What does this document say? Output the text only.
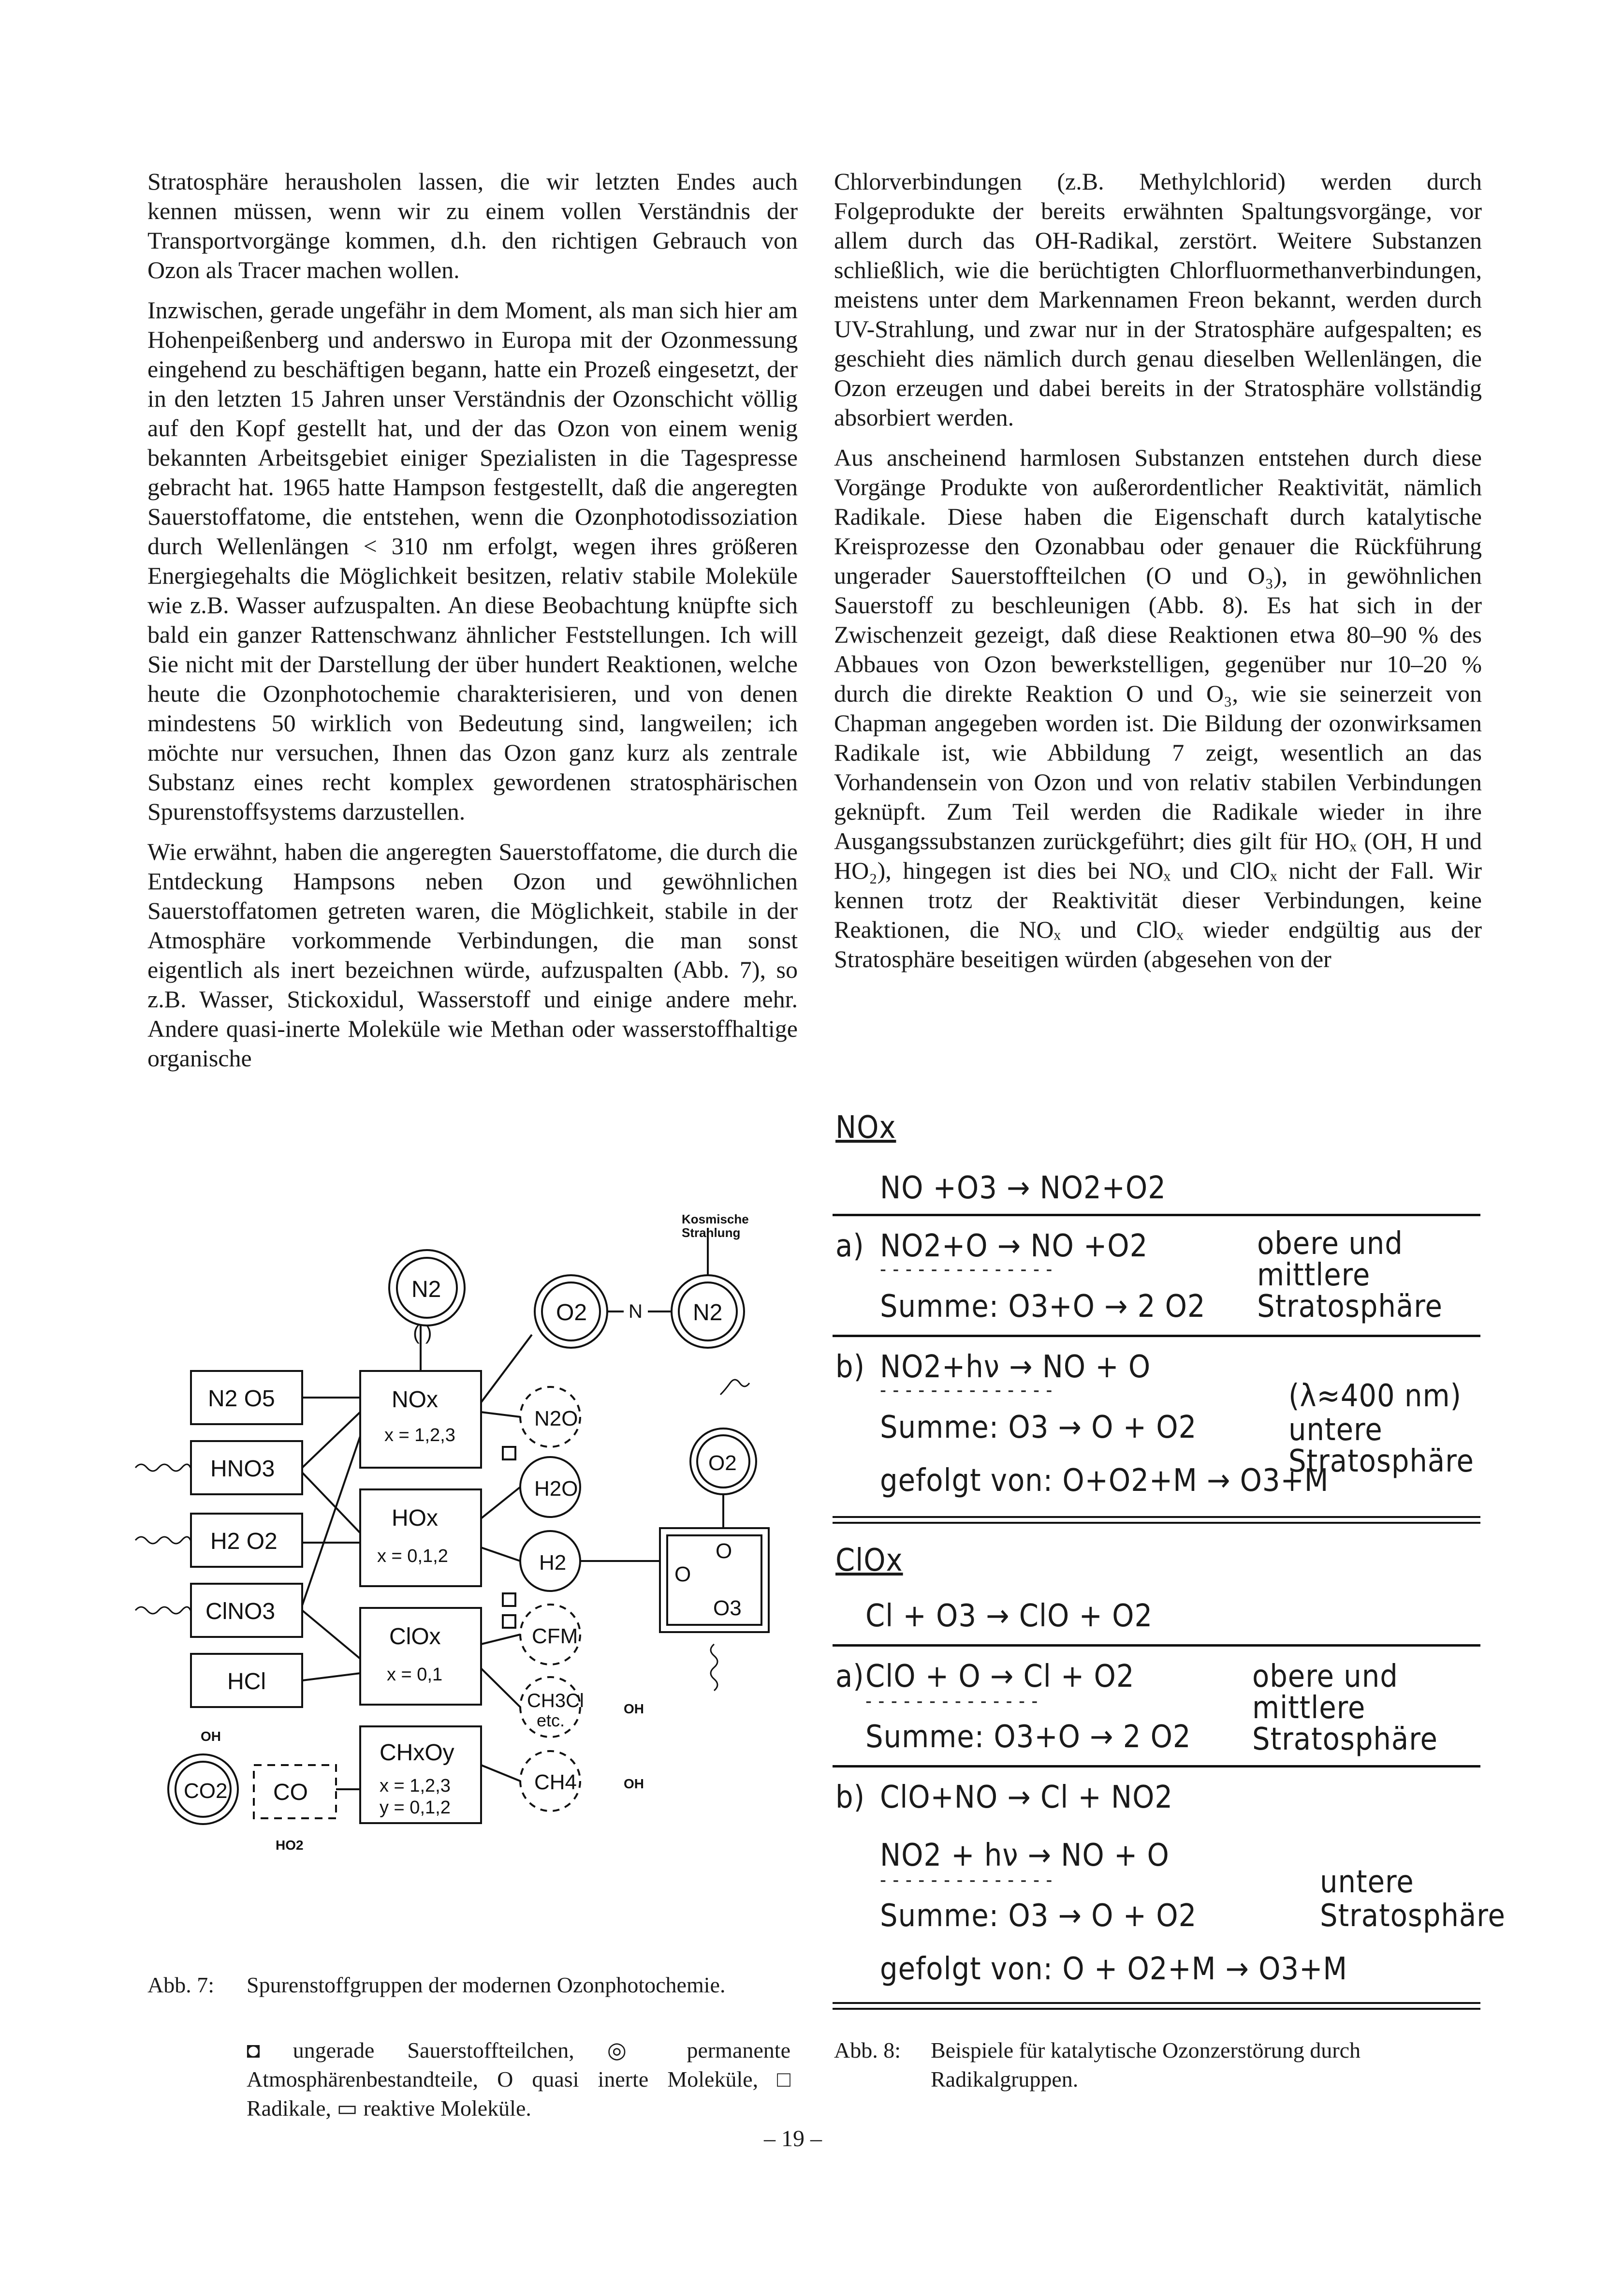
Stratosphäre herausholen lassen, die wir letzten Endes auch kennen müssen, wenn wir zu einem vollen Verständnis der Transportvorgänge kommen, d.h. den richtigen Gebrauch von Ozon als Tracer machen wollen.

Inzwischen, gerade ungefähr in dem Moment, als man sich hier am Hohenpeißenberg und anderswo in Europa mit der Ozonmessung eingehend zu beschäftigen begann, hatte ein Prozeß eingesetzt, der in den letzten 15 Jahren unser Verständnis der Ozonschicht völlig auf den Kopf gestellt hat, und der das Ozon von einem wenig bekannten Arbeitsgebiet einiger Spezialisten in die Tagespresse gebracht hat. 1965 hatte Hampson festgestellt, daß die angeregten Sauerstoffatome, die entstehen, wenn die Ozonphotodissoziation durch Wellenlängen < 310 nm erfolgt, wegen ihres größeren Energiegehalts die Möglichkeit besitzen, relativ stabile Moleküle wie z.B. Wasser aufzuspalten. An diese Beobachtung knüpfte sich bald ein ganzer Rattenschwanz ähnlicher Feststellungen. Ich will Sie nicht mit der Darstellung der über hundert Reaktionen, welche heute die Ozonphotochemie charakterisieren, und von denen mindestens 50 wirklich von Bedeutung sind, langweilen; ich möchte nur versuchen, Ihnen das Ozon ganz kurz als zentrale Substanz eines recht komplex gewordenen stratosphärischen Spurenstoffsystems darzustellen.

Wie erwähnt, haben die angeregten Sauerstoffatome, die durch die Entdeckung Hampsons neben Ozon und gewöhnlichen Sauerstoffatomen getreten waren, die Möglichkeit, stabile in der Atmosphäre vorkommende Verbindungen, die man sonst eigentlich als inert bezeichnen würde, aufzuspalten (Abb. 7), so z.B. Wasser, Stickoxidul, Wasserstoff und einige andere mehr. Andere quasi-inerte Moleküle wie Methan oder wasserstoffhaltige organische

Chlorverbindungen (z.B. Methylchlorid) werden durch Folgeprodukte der bereits erwähnten Spaltungsvorgänge, vor allem durch das OH-Radikal, zerstört. Weitere Substanzen schließlich, wie die berüchtigten Chlorfluormethanverbindungen, meistens unter dem Markennamen Freon bekannt, werden durch UV-Strahlung, und zwar nur in der Stratosphäre aufgespalten; es geschieht dies nämlich durch genau dieselben Wellenlängen, die Ozon erzeugen und dabei bereits in der Stratosphäre vollständig absorbiert werden.

Aus anscheinend harmlosen Substanzen entstehen durch diese Vorgänge Produkte von außerordentlicher Reaktivität, nämlich Radikale. Diese haben die Eigenschaft durch katalytische Kreisprozesse den Ozonabbau oder genauer die Rückführung ungerader Sauerstoffteilchen (O und O₃), in gewöhnlichen Sauerstoff zu beschleunigen (Abb. 8). Es hat sich in der Zwischenzeit gezeigt, daß diese Reaktionen etwa 80–90 % des Abbaues von Ozon bewerkstelligen, gegenüber nur 10–20 % durch die direkte Reaktion O und O₃, wie sie seinerzeit von Chapman angegeben worden ist. Die Bildung der ozonwirksamen Radikale ist, wie Abbildung 7 zeigt, wesentlich an das Vorhandensein von Ozon und von relativ stabilen Verbindungen geknüpft. Zum Teil werden die Radikale wieder in ihre Ausgangssubstanzen zurückgeführt; dies gilt für HOₓ (OH, H und HO₂), hingegen ist dies bei NOₓ und ClOₓ nicht der Fall. Wir kennen trotz der Reaktivität dieser Verbindungen, keine Reaktionen, die NOₓ und ClOₓ wieder endgültig aus der Stratosphäre beseitigen würden (abgesehen von der

N2
( )
O2 N N2
Kosmische
Strahlung
N2 O5
HNO3
H2 O2
ClNO3
HCl
CO2 CO
NOx
x = 1,2,3
HOx
x = 0,1,2
ClOx
x = 0,1
CHxOy
x = 1,2,3
y = 0,1,2
N2O
H2O
H2
CFM
CH3Cl
etc.
CH4
O2
O
O
O3
OH
OH
OH
HO2
Abb. 7: Spurenstoffgruppen der modernen Ozonphotochemie.
◘ ungerade Sauerstoffteilchen, ◎ permanente Atmosphärenbestandteile, O quasi inerte Moleküle, □ Radikale, ▭ reaktive Moleküle.
NOx
NO +O3 → NO2+O2
a) NO2+O → NO +O2
- - - - - - - - - - - - - -
Summe: O3+O → 2 O2
obere und
mittlere
Stratosphäre
b) NO2+hν → NO + O
- - - - - - - - - - - - - -
Summe: O3 → O + O2
gefolgt von: O+O2+M → O3+M
(λ≈400 nm)
untere
Stratosphäre
ClOx
Cl + O3 → ClO + O2
a) ClO + O → Cl + O2
- - - - - - - - - - - - - -
Summe: O3+O → 2 O2
obere und
mittlere
Stratosphäre
b) ClO+NO → Cl + NO2
NO2 + hν → NO + O
- - - - - - - - - - - - - -
Summe: O3 → O + O2
gefolgt von: O + O2+M → O3+M
untere
Stratosphäre
Abb. 8: Beispiele für katalytische Ozonzerstörung durch Radikalgruppen.
– 19 –
